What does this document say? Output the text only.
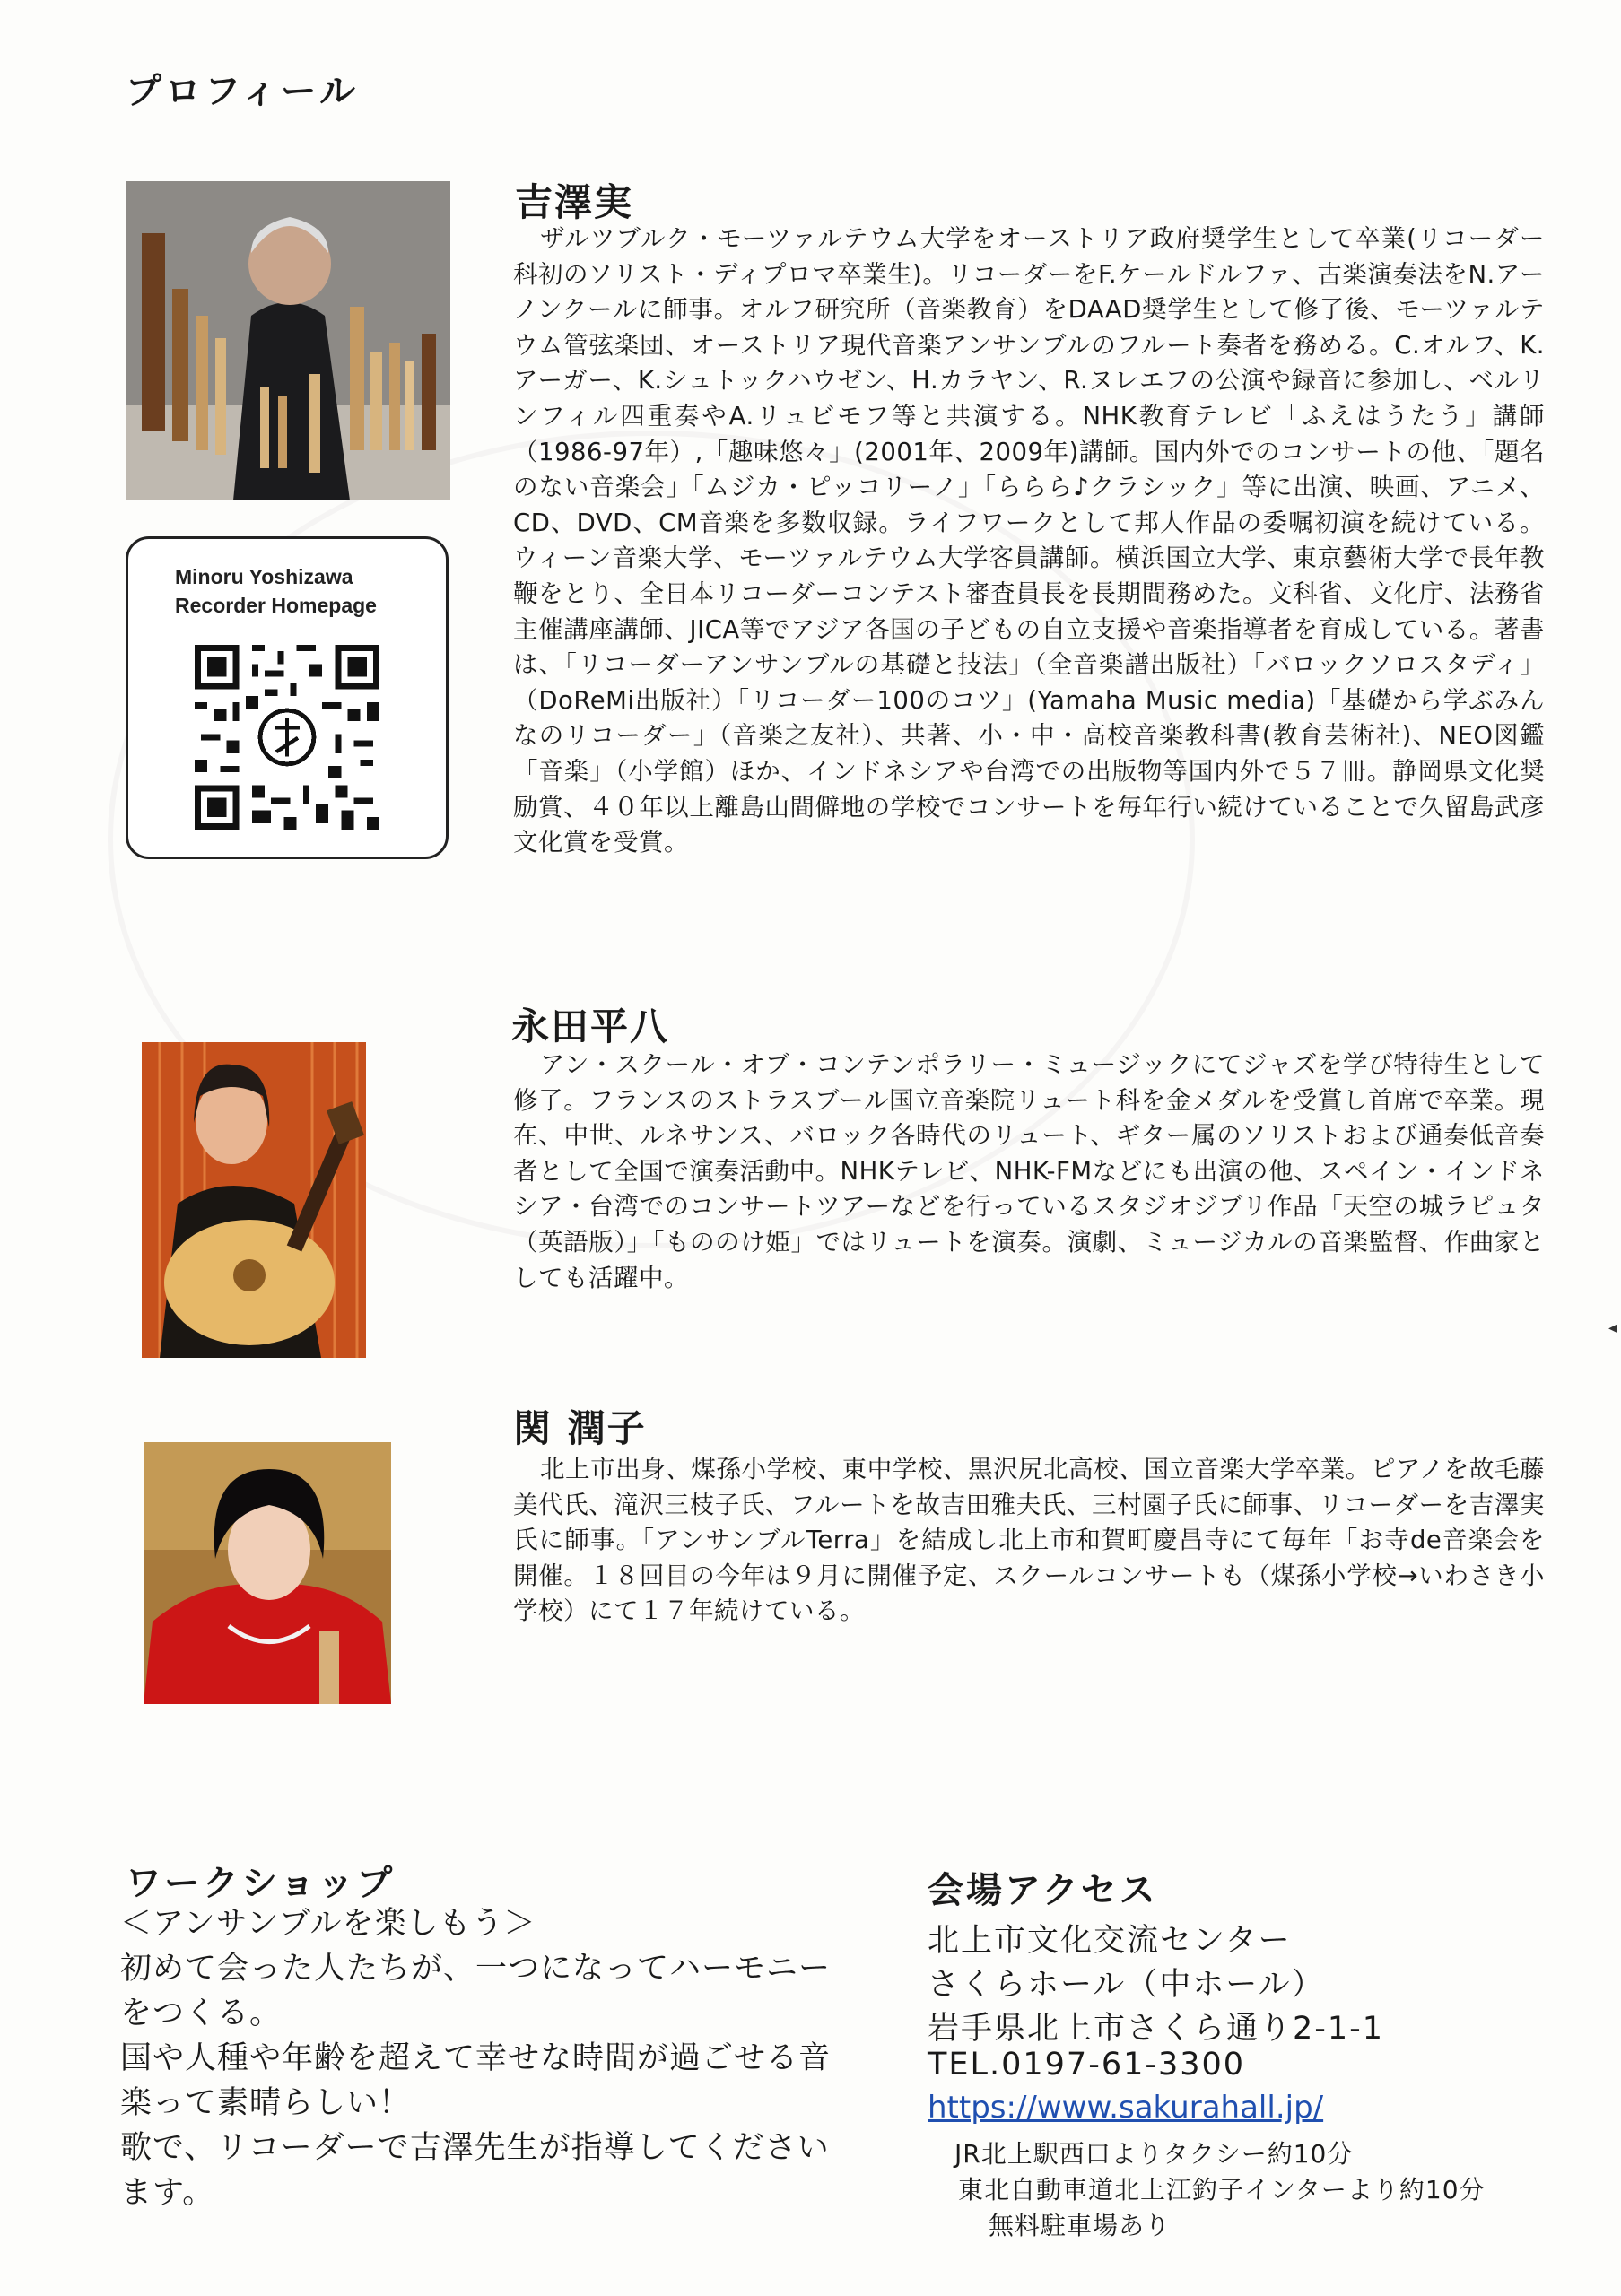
プロフィール
Minoru Yoshizawa
Recorder Homepage
吉澤実

ザルツブルク・モーツァルテウム大学をオーストリア政府奨学生として卒業(リコーダー科初のソリスト・ディプロマ卒業生)。リコーダーをF.ケールドルファ、古楽演奏法をN.アーノンクールに師事。オルフ研究所（音楽教育）をDAAD奨学生として修了後、モーツァルテウム管弦楽団、オーストリア現代音楽アンサンブルのフルート奏者を務める。C.オルフ、K.アーガー、K.シュトックハウゼン、H.カラヤン、R.ヌレエフの公演や録音に参加し、ベルリンフィル四重奏やA.リュビモフ等と共演する。NHK教育テレビ「ふえはうたう」講師（1986-97年）,「趣味悠々」(2001年、2009年)講師。国内外でのコンサートの他、「題名のない音楽会」「ムジカ・ピッコリーノ」「ららら♪クラシック」等に出演、映画、アニメ、CD、DVD、CM音楽を多数収録。ライフワークとして邦人作品の委嘱初演を続けている。ウィーン音楽大学、モーツァルテウム大学客員講師。横浜国立大学、東京藝術大学で長年教鞭をとり、全日本リコーダーコンテスト審査員長を長期間務めた。文科省、文化庁、法務省主催講座講師、JICA等でアジア各国の子どもの自立支援や音楽指導者を育成している。著書は、「リコーダーアンサンブルの基礎と技法」（全音楽譜出版社）「バロックソロスタディ」（DoReMi出版社）「リコーダー100のコツ」(Yamaha Music media)「基礎から学ぶみんなのリコーダー」（音楽之友社）、共著、小・中・高校音楽教科書(教育芸術社)、NEO図鑑「音楽」（小学館）ほか、インドネシアや台湾での出版物等国内外で５７冊。静岡県文化奨励賞、４０年以上離島山間僻地の学校でコンサートを毎年行い続けていることで久留島武彦文化賞を受賞。

永田平八

アン・スクール・オブ・コンテンポラリー・ミュージックにてジャズを学び特待生として修了。フランスのストラスブール国立音楽院リュート科を金メダルを受賞し首席で卒業。現在、中世、ルネサンス、バロック各時代のリュート、ギター属のソリストおよび通奏低音奏者として全国で演奏活動中。NHKテレビ、NHK-FMなどにも出演の他、スペイン・インドネシア・台湾でのコンサートツアーなどを行っているスタジオジブリ作品「天空の城ラピュタ（英語版）」「もののけ姫」ではリュートを演奏。演劇、ミュージカルの音楽監督、作曲家としても活躍中。

関 潤子

北上市出身、煤孫小学校、東中学校、黒沢尻北高校、国立音楽大学卒業。ピアノを故毛藤美代氏、滝沢三枝子氏、フルートを故吉田雅夫氏、三村園子氏に師事、リコーダーを吉澤実氏に師事。「アンサンブルTerra」を結成し北上市和賀町慶昌寺にて毎年「お寺de音楽会を開催。１８回目の今年は９月に開催予定、スクールコンサートも（煤孫小学校→いわさき小学校）にて１７年続けている。

ワークショップ

＜アンサンブルを楽しもう＞

初めて会った人たちが、一つになってハーモニーをつくる。

国や人種や年齢を超えて幸せな時間が過ごせる音楽って素晴らしい！

歌で、リコーダーで吉澤先生が指導してくださいます。

会場アクセス
北上市文化交流センター
さくらホール（中ホール）
岩手県北上市さくら通り2-1-1
TEL.0197-61-3300
https://www.sakurahall.jp/
JR北上駅西口よりタクシー約10分
東北自動車道北上江釣子インターより約10分
無料駐車場あり
◂
